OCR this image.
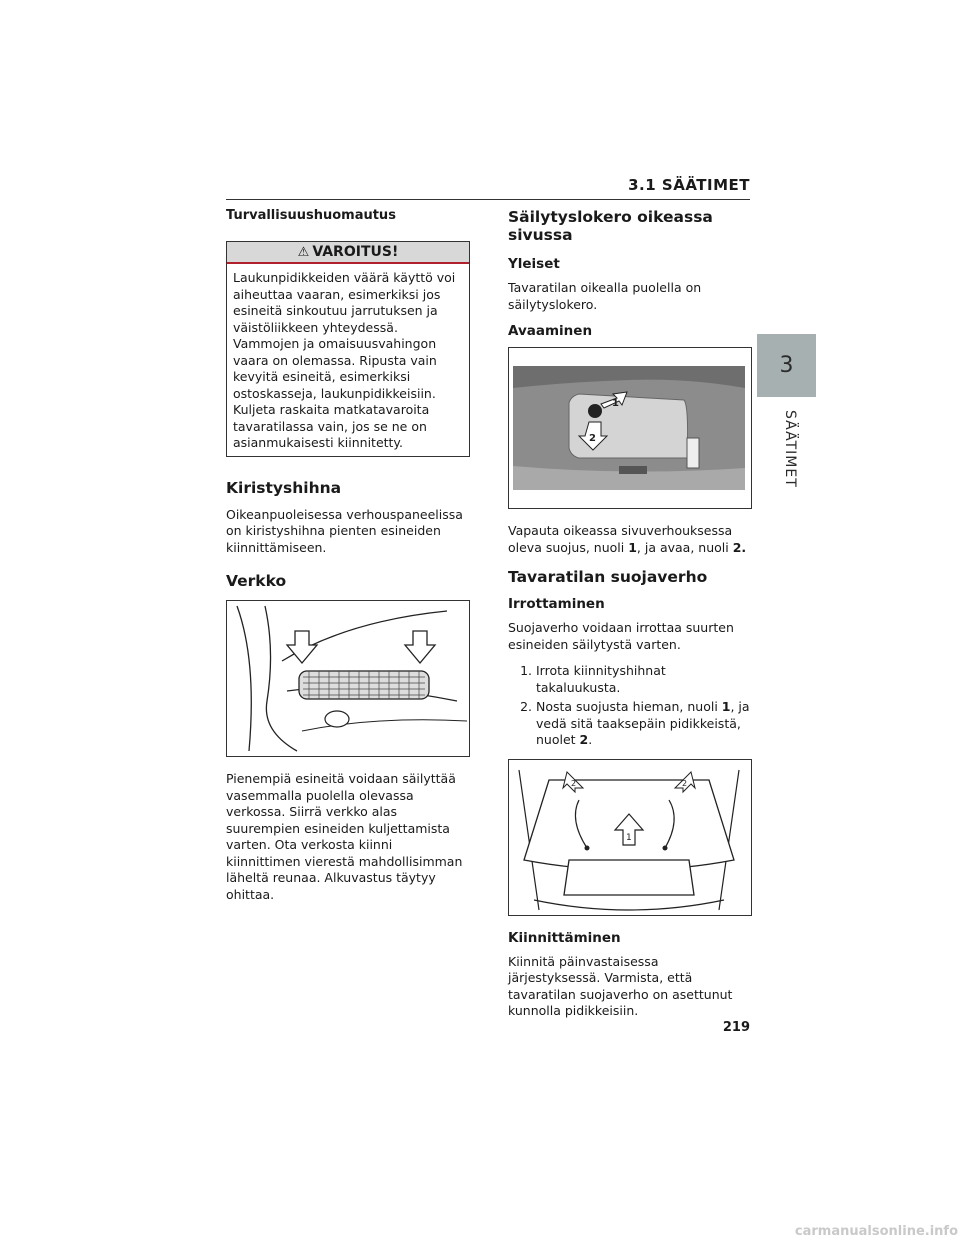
3.1 SÄÄTIMET
3
SÄÄTIMET
Turvallisuushuomautus
⚠ VAROITUS!
Laukunpidikkeiden väärä käyttö voi aiheuttaa vaaran, esimerkiksi jos esineitä sinkoutuu jarrutuksen ja väistöliikkeen yhteydessä. Vammojen ja omaisuusvahingon vaara on olemassa. Ripusta vain kevyitä esineitä, esimerkiksi ostoskasseja, laukunpidikkeisiin. Kuljeta raskaita matkatavaroita tavaratilassa vain, jos se ne on asianmukaisesti kiinnitetty.
Kiristyshihna

Oikeanpuoleisessa verhouspaneelissa on kiristyshihna pienten esineiden kiinnittämiseen.

Verkko

Pienempiä esineitä voidaan säilyttää vasemmalla puolella olevassa verkossa. Siirrä verkko alas suurempien esineiden kuljettamista varten. Ota verkosta kiinni kiinnittimen vierestä mahdollisimman läheltä reunaa. Alkuvastus täytyy ohittaa.

Säilytyslokero oikeassa sivussa
Yleiset

Tavaratilan oikealla puolella on säilytyslokero.

Avaaminen
1
2

Vapauta oikeassa sivuverhouksessa oleva suojus, nuoli 1, ja avaa, nuoli 2.

Tavaratilan suojaverho
Irrottaminen

Suojaverho voidaan irrottaa suurten esineiden säilytystä varten.

1. Irrota kiinnityshihnat takaluukusta.
2. Nosta suojusta hieman, nuoli 1, ja vedä sitä taaksepäin pidikkeistä, nuolet 2.
2	2
1
Kiinnittäminen

Kiinnitä päinvastaisessa järjestyksessä. Varmista, että tavaratilan suojaverho on asettunut kunnolla pidikkeisiin.

219
carmanualsonline.info
